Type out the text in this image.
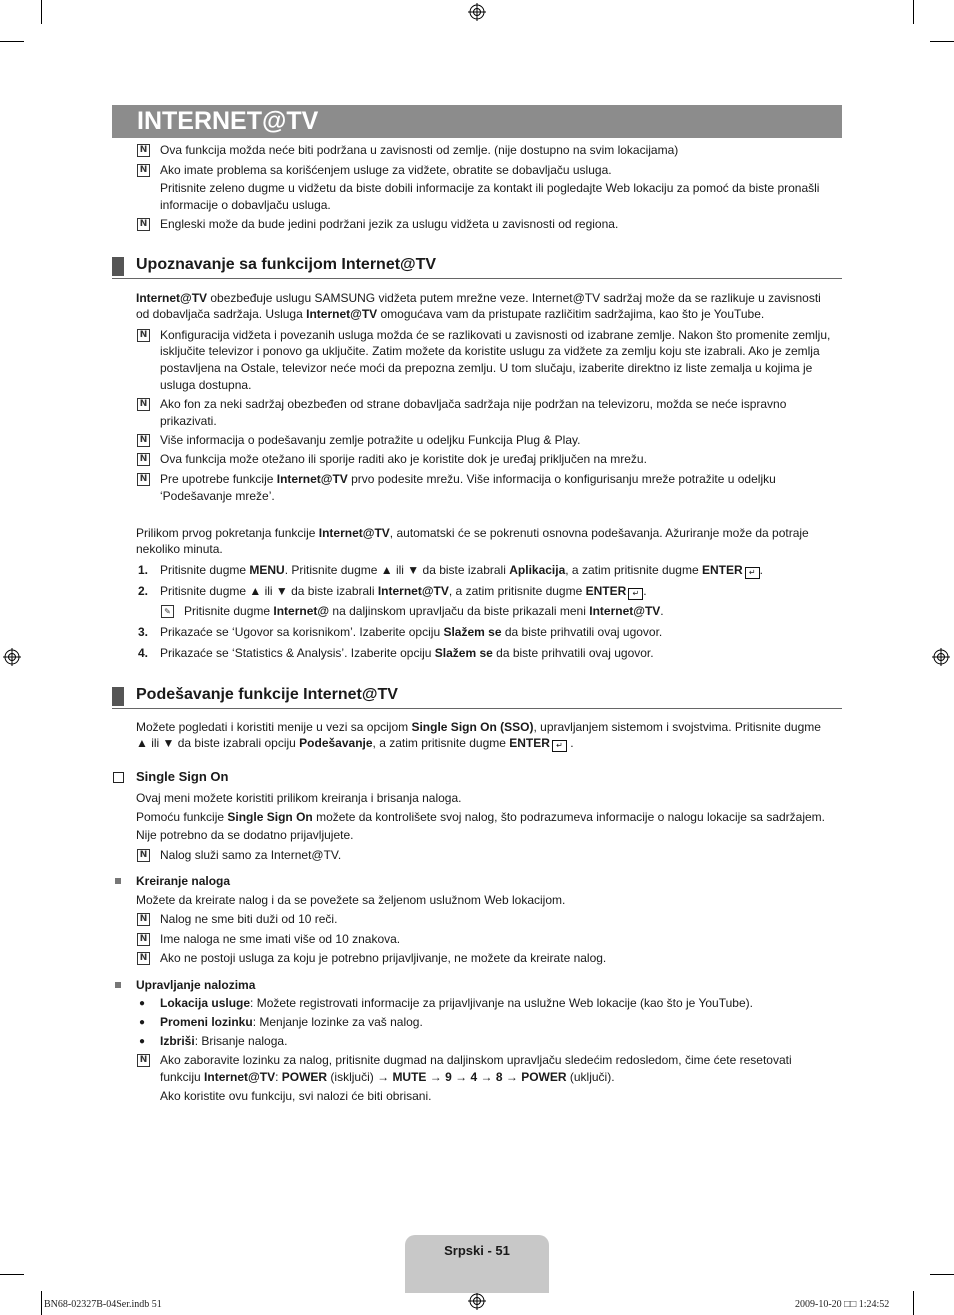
INTERNET@TV
N Ova funkcija možda neće biti podržana u zavisnosti od zemlje. (nije dostupno na svim lokacijama)
N Ako imate problema sa korišćenjem usluge za vidžete, obratite se dobavljaču usluga.
Pritisnite zeleno dugme u vidžetu da biste dobili informacije za kontakt ili pogledajte Web lokaciju za pomoć da biste pronašli
informacije o dobavljaču usluga.
N Engleski može da bude jedini podržani jezik za uslugu vidžeta u zavisnosti od regiona.
Upoznavanje sa funkcijom Internet@TV
Internet@TV obezbeđuje uslugu SAMSUNG vidžeta putem mrežne veze. Internet@TV sadržaj može da se razlikuje u zavisnosti
od dobavljača sadržaja. Usluga Internet@TV omogućava vam da pristupate različitim sadržajima, kao što je YouTube.
N Konfiguracija vidžeta i povezanih usluga možda će se razlikovati u zavisnosti od izabrane zemlje. Nakon što promenite zemlju,
isključite televizor i ponovo ga uključite. Zatim možete da koristite uslugu za vidžete za zemlju koju ste izabrali. Ako je zemlja
postavljena na Ostale, televizor neće moći da prepozna zemlju. U tom slučaju, izaberite direktno iz liste zemalja u kojima je
usluga dostupna.
N Ako fon za neki sadržaj obezbeđen od strane dobavljača sadržaja nije podržan na televizoru, možda se neće ispravno
prikazivati.
N Više informacija o podešavanju zemlje potražite u odeljku Funkcija Plug & Play.
N Ova funkcija može otežano ili sporije raditi ako je koristite dok je uređaj priključen na mrežu.
N Pre upotrebe funkcije Internet@TV prvo podesite mrežu. Više informacija o konfigurisanju mreže potražite u odeljku
‘Podešavanje mreže’.
Prilikom prvog pokretanja funkcije Internet@TV, automatski će se pokrenuti osnovna podešavanja. Ažuriranje može da potraje
nekoliko minuta.
1. Pritisnite dugme MENU. Pritisnite dugme ▲ ili ▼ da biste izabrali Aplikacija, a zatim pritisnite dugme ENTER ↵ .
2. Pritisnite dugme ▲ ili ▼ da biste izabrali Internet@TV, a zatim pritisnite dugme ENTER ↵ .
✎ Pritisnite dugme Internet@ na daljinskom upravljaču da biste prikazali meni Internet@TV.
3. Prikazaće se ‘Ugovor sa korisnikom’. Izaberite opciju Slažem se da biste prihvatili ovaj ugovor.
4. Prikazaće se ‘Statistics & Analysis’. Izaberite opciju Slažem se da biste prihvatili ovaj ugovor.
Podešavanje funkcije Internet@TV
Možete pogledati i koristiti menije u vezi sa opcijom Single Sign On (SSO), upravljanjem sistemom i svojstvima. Pritisnite dugme
▲ ili ▼ da biste izabrali opciju Podešavanje, a zatim pritisnite dugme ENTER ↵ .
Single Sign On
Ovaj meni možete koristiti prilikom kreiranja i brisanja naloga.
Pomoću funkcije Single Sign On možete da kontrolišete svoj nalog, što podrazumeva informacije o nalogu lokacije sa sadržajem.
Nije potrebno da se dodatno prijavljujete.
N Nalog služi samo za Internet@TV.
Kreiranje naloga
Možete da kreirate nalog i da se povežete sa željenom uslužnom Web lokacijom.
N Nalog ne sme biti duži od 10 reči.
N Ime naloga ne sme imati više od 10 znakova.
N Ako ne postoji usluga za koju je potrebno prijavljivanje, ne možete da kreirate nalog.
Upravljanje nalozima
● Lokacija usluge: Možete registrovati informacije za prijavljivanje na uslužne Web lokacije (kao što je YouTube).
● Promeni lozinku: Menjanje lozinke za vaš nalog.
● Izbriši: Brisanje naloga.
N Ako zaboravite lozinku za nalog, pritisnite dugmad na daljinskom upravljaču sledećim redosledom, čime ćete resetovati
funkciju Internet@TV: POWER (isključi) → MUTE → 9 → 4 → 8 → POWER (uključi).
Ako koristite ovu funkciju, svi nalozi će biti obrisani.
Srpski - 51
BN68-02327B-04Ser.indb 51	2009-10-20 □□ 1:24:52
